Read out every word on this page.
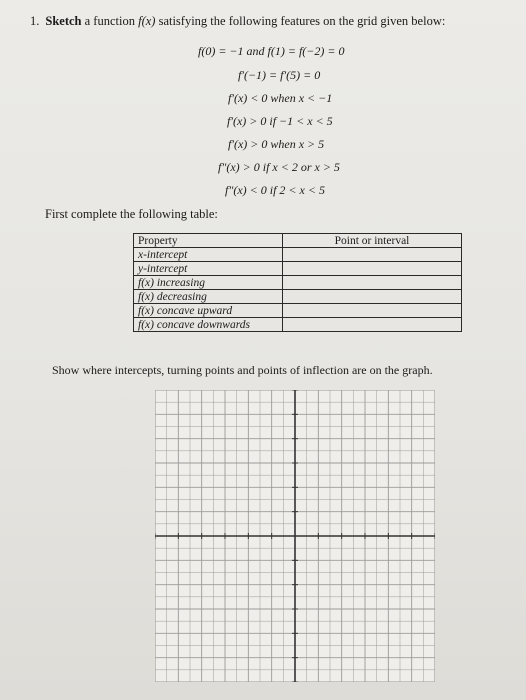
1. Sketch a function f(x) satisfying the following features on the grid given below:
f(0) = −1 and f(1) = f(−2) = 0
f′(−1) = f′(5) = 0
f′(x) < 0 when x < −1
f′(x) > 0 if −1 < x < 5
f′(x) > 0 when x > 5
f″(x) > 0 if x < 2 or x > 5
f″(x) < 0 if 2 < x < 5
First complete the following table:
Property	Point or interval
x-intercept	
y-intercept	
f(x) increasing	
f(x) decreasing	
f(x) concave upward	
f(x) concave downwards	
Show where intercepts, turning points and points of inflection are on the graph.
